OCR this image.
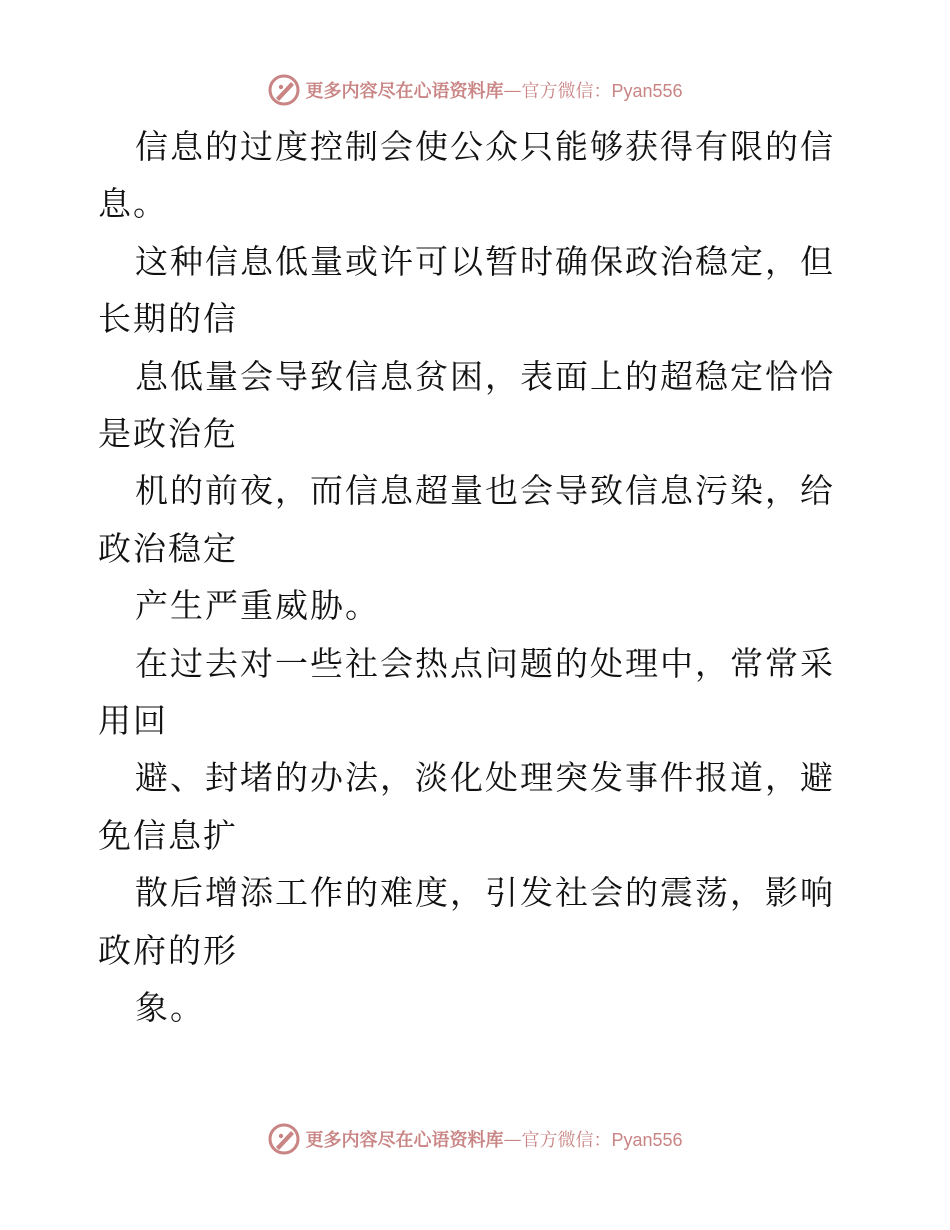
更多内容尽在心语资料库 — 官方微信：Pyan556

信息的过度控制会使公众只能够获得有限的信息。

这种信息低量或许可以暂时确保政治稳定，但长期的信

息低量会导致信息贫困，表面上的超稳定恰恰是政治危

机的前夜，而信息超量也会导致信息污染，给政治稳定

产生严重威胁。

在过去对一些社会热点问题的处理中，常常采用回

避、封堵的办法，淡化处理突发事件报道，避免信息扩

散后增添工作的难度，引发社会的震荡，影响政府的形

象。

更多内容尽在心语资料库 — 官方微信：Pyan556
